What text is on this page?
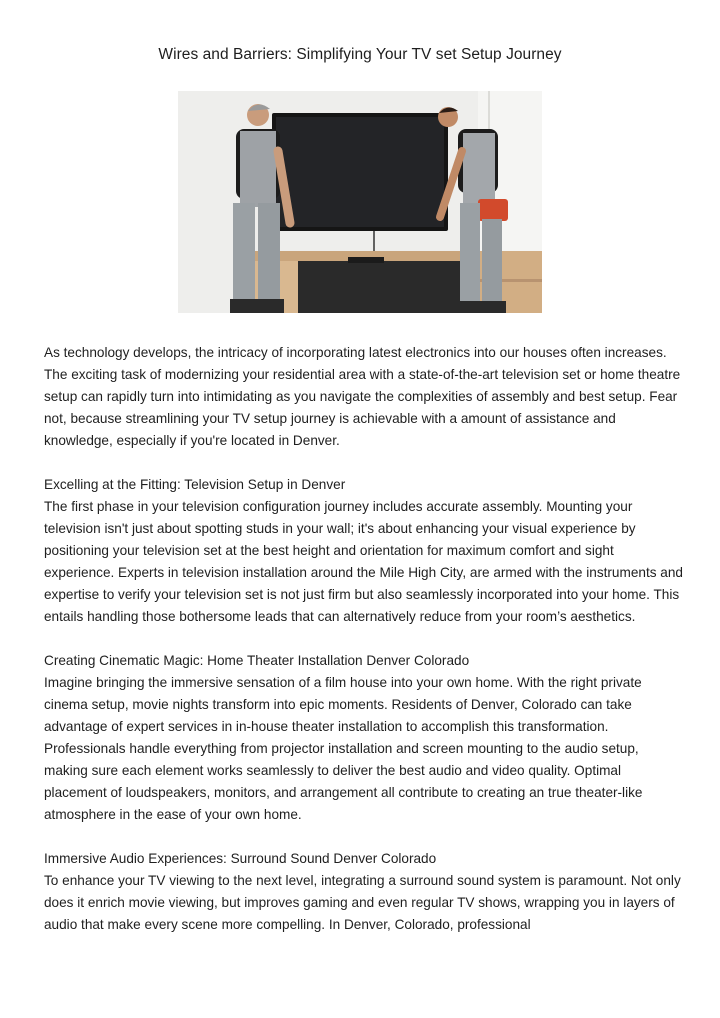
Wires and Barriers: Simplifying Your TV set Setup Journey

As technology develops, the intricacy of incorporating latest electronics into our houses often increases. The exciting task of modernizing your residential area with a state-of-the-art television set or home theatre setup can rapidly turn into intimidating as you navigate the complexities of assembly and best setup. Fear not, because streamlining your TV setup journey is achievable with a amount of assistance and knowledge, especially if you're located in Denver.

Excelling at the Fitting: Television Setup in Denver

The first phase in your television configuration journey includes accurate assembly. Mounting your television isn't just about spotting studs in your wall; it's about enhancing your visual experience by positioning your television set at the best height and orientation for maximum comfort and sight experience. Experts in television installation around the Mile High City, are armed with the instruments and expertise to verify your television set is not just firm but also seamlessly incorporated into your home. This entails handling those bothersome leads that can alternatively reduce from your room’s aesthetics.

Creating Cinematic Magic: Home Theater Installation Denver Colorado

Imagine bringing the immersive sensation of a film house into your own home. With the right private cinema setup, movie nights transform into epic moments. Residents of Denver, Colorado can take advantage of expert services in in-house theater installation to accomplish this transformation. Professionals handle everything from projector installation and screen mounting to the audio setup, making sure each element works seamlessly to deliver the best audio and video quality. Optimal placement of loudspeakers, monitors, and arrangement all contribute to creating an true theater-like atmosphere in the ease of your own home.

Immersive Audio Experiences: Surround Sound Denver Colorado

To enhance your TV viewing to the next level, integrating a surround sound system is paramount. Not only does it enrich movie viewing, but improves gaming and even regular TV shows, wrapping you in layers of audio that make every scene more compelling. In Denver, Colorado, professional
